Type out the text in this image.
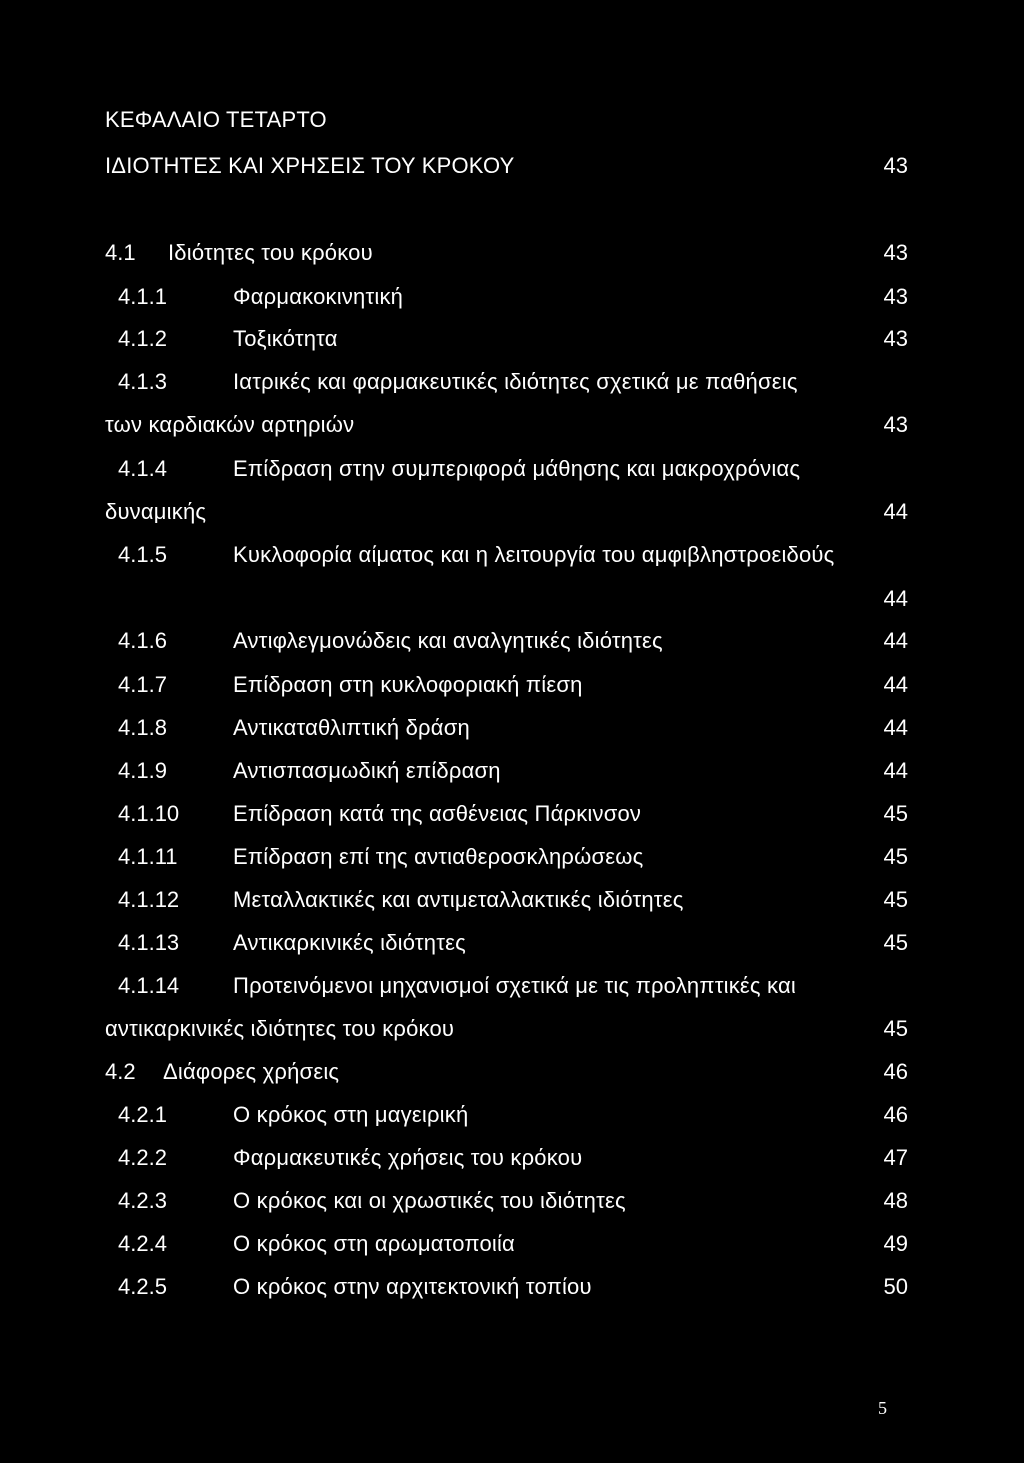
ΚΕΦΑΛΑΙΟ ΤΕΤΑΡΤΟ
ΙΔΙΟΤΗΤΕΣ ΚΑΙ ΧΡΗΣΕΙΣ ΤΟΥ ΚΡΟΚΟΥ	43
4.1 Ιδιότητες του κρόκου	43
4.1.1	Φαρμακοκινητική	43
4.1.2	Τοξικότητα	43
4.1.3	Ιατρικές και φαρμακευτικές ιδιότητες σχετικά με παθήσεις
των καρδιακών αρτηριών	43
4.1.4	Επίδραση στην συμπεριφορά μάθησης και μακροχρόνιας
δυναμικής	44
4.1.5	Κυκλοφορία αίματος και η λειτουργία του αμφιβληστροειδούς
44
4.1.6	Αντιφλεγμονώδεις και αναλγητικές ιδιότητες	44
4.1.7	Επίδραση στη κυκλοφοριακή πίεση	44
4.1.8	Αντικαταθλιπτική δράση	44
4.1.9	Αντισπασμωδική επίδραση	44
4.1.10 Επίδραση κατά της ασθένειας Πάρκινσον	45
4.1.11	Επίδραση επί της αντιαθεροσκληρώσεως	45
4.1.12 Μεταλλακτικές και αντιμεταλλακτικές ιδιότητες	45
4.1.13 Αντικαρκινικές ιδιότητες	45
4.1.14 Προτεινόμενοι μηχανισμοί σχετικά με τις προληπτικές και
αντικαρκινικές ιδιότητες του κρόκου	45
4.2 Διάφορες χρήσεις	46
4.2.1	Ο κρόκος στη μαγειρική	46
4.2.2	Φαρμακευτικές χρήσεις του κρόκου	47
4.2.3	Ο κρόκος και οι χρωστικές του ιδιότητες	48
4.2.4	Ο κρόκος στη αρωματοποιία	49
4.2.5	Ο κρόκος στην αρχιτεκτονική τοπίου	50
5
